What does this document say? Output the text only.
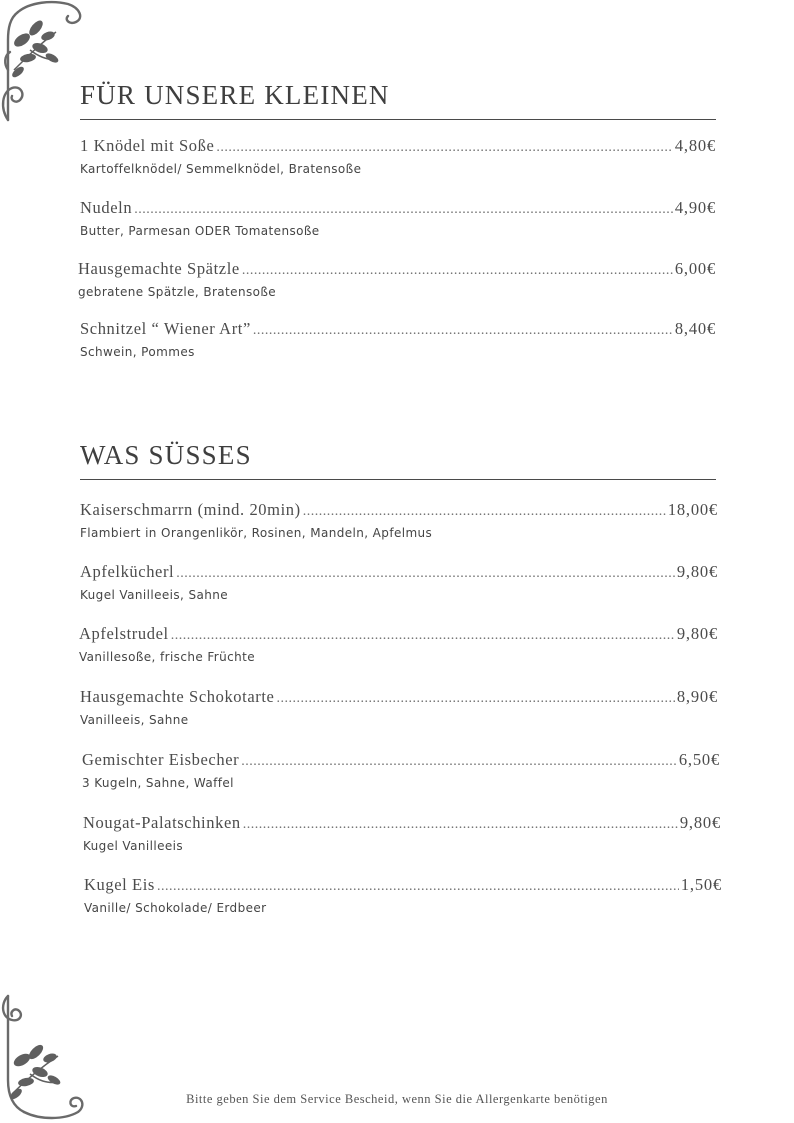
FÜR UNSERE KLEINEN
1 Knödel mit Soße .....	4,80€
Kartoffelknödel/ Semmelknödel, Bratensoße
Nudeln .....	4,90€
Butter, Parmesan ODER Tomatensoße
Hausgemachte Spätzle .....	6,00€
gebratene Spätzle, Bratensoße
Schnitzel “ Wiener Art” .....	8,40€
Schwein, Pommes
WAS SÜSSES
Kaiserschmarrn (mind. 20min) .....	18,00€
Flambiert in Orangenlikör, Rosinen, Mandeln, Apfelmus
Apfelkücherl .....	9,80€
Kugel Vanilleeis, Sahne
Apfelstrudel .....	9,80€
Vanillesoße, frische Früchte
Hausgemachte Schokotarte .....	8,90€
Vanilleeis, Sahne
Gemischter Eisbecher .....	6,50€
3 Kugeln, Sahne, Waffel
Nougat-Palatschinken .....	9,80€
Kugel Vanilleeis
Kugel Eis .....	1,50€
Vanille/ Schokolade/ Erdbeer
Bitte geben Sie dem Service Bescheid, wenn Sie die Allergenkarte benötigen
